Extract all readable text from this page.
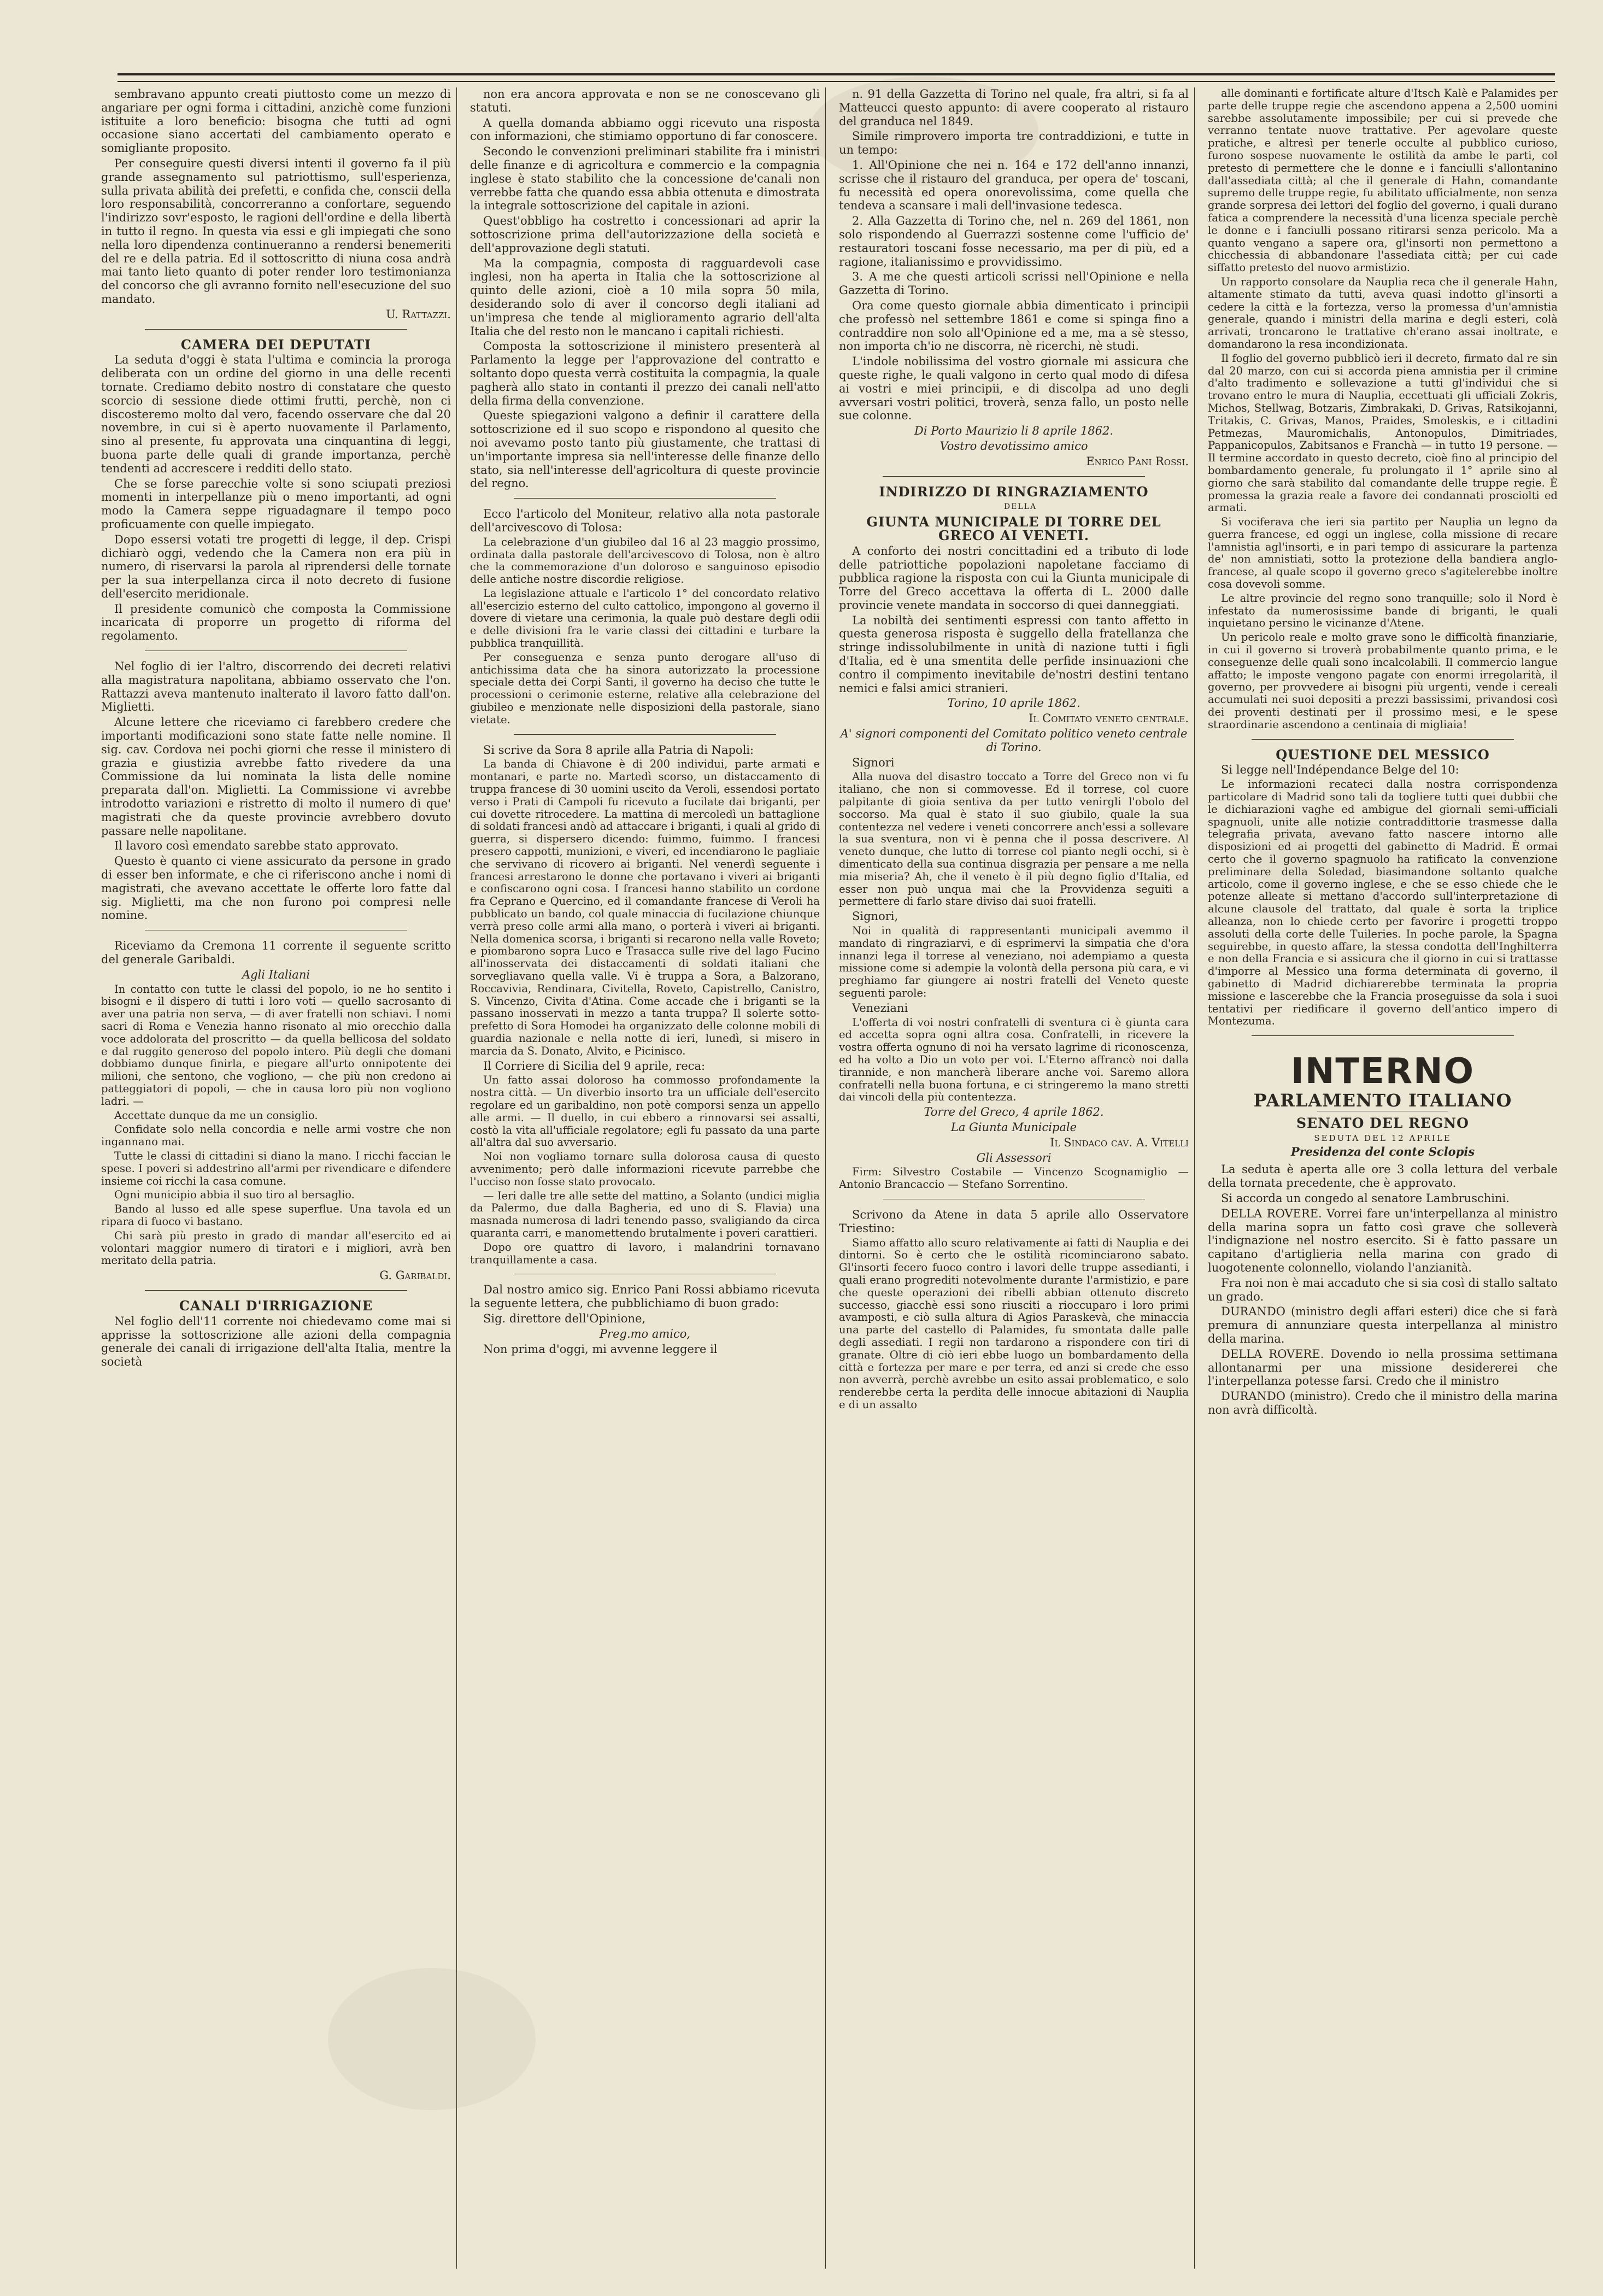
sembravano appunto creati piuttosto come un mezzo di angariare per ogni forma i cittadini, anzichè come funzioni istituite a loro beneficio: bisogna che tutti ad ogni occasione siano accertati del cambiamento operato e somigliante proposito.

Per conseguire questi diversi intenti il governo fa il più grande assegnamento sul patriottismo, sull'esperienza, sulla privata abilità dei prefetti, e confida che, conscii della loro responsabilità, concorreranno a confortare, seguendo l'indirizzo sovr'esposto, le ragioni dell'ordine e della libertà in tutto il regno. In questa via essi e gli impiegati che sono nella loro dipendenza continueranno a rendersi benemeriti del re e della patria. Ed il sottoscritto di niuna cosa andrà mai tanto lieto quanto di poter render loro testimonianza del concorso che gli avranno fornito nell'esecuzione del suo mandato.

U. Rattazzi.

CAMERA DEI DEPUTATI

La seduta d'oggi è stata l'ultima e comincia la proroga deliberata con un ordine del giorno in una delle recenti tornate. Crediamo debito nostro di constatare che questo scorcio di sessione diede ottimi frutti, perchè, non ci discosteremo molto dal vero, facendo osservare che dal 20 novembre, in cui si è aperto nuovamente il Parlamento, sino al presente, fu approvata una cinquantina di leggi, buona parte delle quali di grande importanza, perchè tendenti ad accrescere i redditi dello stato.

Che se forse parecchie volte si sono sciupati preziosi momenti in interpellanze più o meno importanti, ad ogni modo la Camera seppe riguadagnare il tempo poco proficuamente con quelle impiegato.

Dopo essersi votati tre progetti di legge, il dep. Crispi dichiarò oggi, vedendo che la Camera non era più in numero, di riservarsi la parola al riprendersi delle tornate per la sua interpellanza circa il noto decreto di fusione dell'esercito meridionale.

Il presidente comunicò che composta la Commissione incaricata di proporre un progetto di riforma del regolamento.

Nel foglio di ier l'altro, discorrendo dei decreti relativi alla magistratura napolitana, abbiamo osservato che l'on. Rattazzi aveva mantenuto inalterato il lavoro fatto dall'on. Miglietti.

Alcune lettere che riceviamo ci farebbero credere che importanti modificazioni sono state fatte nelle nomine. Il sig. cav. Cordova nei pochi giorni che resse il ministero di grazia e giustizia avrebbe fatto rivedere da una Commissione da lui nominata la lista delle nomine preparata dall'on. Miglietti. La Commissione vi avrebbe introdotto variazioni e ristretto di molto il numero di que' magistrati che da queste provincie avrebbero dovuto passare nelle napolitane.

Il lavoro così emendato sarebbe stato approvato.

Questo è quanto ci viene assicurato da persone in grado di esser ben informate, e che ci riferiscono anche i nomi di magistrati, che avevano accettate le offerte loro fatte dal sig. Miglietti, ma che non furono poi compresi nelle nomine.

Riceviamo da Cremona 11 corrente il seguente scritto del generale Garibaldi.

Agli Italiani

In contatto con tutte le classi del popolo, io ne ho sentito i bisogni e il dispero di tutti i loro voti — quello sacrosanto di aver una patria non serva, — di aver fratelli non schiavi. I nomi sacri di Roma e Venezia hanno risonato al mio orecchio dalla voce addolorata del proscritto — da quella bellicosa del soldato e dal ruggito generoso del popolo intero. Più degli che domani dobbiamo dunque finirla, e piegare all'urto onnipotente dei milioni, che sentono, che vogliono, — che più non credono ai patteggiatori di popoli, — che in causa loro più non vogliono ladri. —

Accettate dunque da me un consiglio.

Confidate solo nella concordia e nelle armi vostre che non ingannano mai.

Tutte le classi di cittadini si diano la mano. I ricchi faccian le spese. I poveri si addestrino all'armi per rivendicare e difendere insieme coi ricchi la casa comune.

Ogni municipio abbia il suo tiro al bersaglio.

Bando al lusso ed alle spese superflue. Una tavola ed un ripara di fuoco vi bastano.

Chi sarà più presto in grado di mandar all'esercito ed ai volontari maggior numero di tiratori e i migliori, avrà ben meritato della patria.

G. Garibaldi.

CANALI D'IRRIGAZIONE

Nel foglio dell'11 corrente noi chiedevamo come mai si apprisse la sottoscrizione alle azioni della compagnia generale dei canali di irrigazione dell'alta Italia, mentre la società

non era ancora approvata e non se ne conoscevano gli statuti.

A quella domanda abbiamo oggi ricevuto una risposta con informazioni, che stimiamo opportuno di far conoscere.

Secondo le convenzioni preliminari stabilite fra i ministri delle finanze e di agricoltura e commercio e la compagnia inglese è stato stabilito che la concessione de'canali non verrebbe fatta che quando essa abbia ottenuta e dimostrata la integrale sottoscrizione del capitale in azioni.

Quest'obbligo ha costretto i concessionari ad aprir la sottoscrizione prima dell'autorizzazione della società e dell'approvazione degli statuti.

Ma la compagnia, composta di ragguardevoli case inglesi, non ha aperta in Italia che la sottoscrizione al quinto delle azioni, cioè a 10 mila sopra 50 mila, desiderando solo di aver il concorso degli italiani ad un'impresa che tende al miglioramento agrario dell'alta Italia che del resto non le mancano i capitali richiesti.

Composta la sottoscrizione il ministero presenterà al Parlamento la legge per l'approvazione del contratto e soltanto dopo questa verrà costituita la compagnia, la quale pagherà allo stato in contanti il prezzo dei canali nell'atto della firma della convenzione.

Queste spiegazioni valgono a definir il carattere della sottoscrizione ed il suo scopo e rispondono al quesito che noi avevamo posto tanto più giustamente, che trattasi di un'importante impresa sia nell'interesse delle finanze dello stato, sia nell'interesse dell'agricoltura di queste provincie del regno.

Ecco l'articolo del Moniteur, relativo alla nota pastorale dell'arcivescovo di Tolosa:

La celebrazione d'un giubileo dal 16 al 23 maggio prossimo, ordinata dalla pastorale dell'arcivescovo di Tolosa, non è altro che la commemorazione d'un doloroso e sanguinoso episodio delle antiche nostre discordie religiose.

La legislazione attuale e l'articolo 1° del concordato relativo all'esercizio esterno del culto cattolico, impongono al governo il dovere di vietare una cerimonia, la quale può destare degli odii e delle divisioni fra le varie classi dei cittadini e turbare la pubblica tranquillità.

Per conseguenza e senza punto derogare all'uso di antichissima data che ha sinora autorizzato la processione speciale detta dei Corpi Santi, il governo ha deciso che tutte le processioni o cerimonie esterne, relative alla celebrazione del giubileo e menzionate nelle disposizioni della pastorale, siano vietate.

Si scrive da Sora 8 aprile alla Patria di Napoli:

La banda di Chiavone è di 200 individui, parte armati e montanari, e parte no. Martedì scorso, un distaccamento di truppa francese di 30 uomini uscito da Veroli, essendosi portato verso i Prati di Campoli fu ricevuto a fucilate dai briganti, per cui dovette ritrocedere. La mattina di mercoledì un battaglione di soldati francesi andò ad attaccare i briganti, i quali al grido di guerra, si dispersero dicendo: fuimmo, fuimmo. I francesi presero cappotti, munizioni, e viveri, ed incendiarono le pagliaie che servivano di ricovero ai briganti. Nel venerdì seguente i francesi arrestarono le donne che portavano i viveri ai briganti e confiscarono ogni cosa. I francesi hanno stabilito un cordone fra Ceprano e Quercino, ed il comandante francese di Veroli ha pubblicato un bando, col quale minaccia di fucilazione chiunque verrà preso colle armi alla mano, o porterà i viveri ai briganti. Nella domenica scorsa, i briganti si recarono nella valle Roveto; e piombarono sopra Luco e Trasacca sulle rive del lago Fucino all'inosservata dei distaccamenti di soldati italiani che sorvegliavano quella valle. Vi è truppa a Sora, a Balzorano, Roccavivia, Rendinara, Civitella, Roveto, Capistrello, Canistro, S. Vincenzo, Civita d'Atina. Come accade che i briganti se la passano inosservati in mezzo a tanta truppa? Il solerte sotto-prefetto di Sora Homodei ha organizzato delle colonne mobili di guardia nazionale e nella notte di ieri, lunedì, si misero in marcia da S. Donato, Alvito, e Picinisco.

Il Corriere di Sicilia del 9 aprile, reca:

Un fatto assai doloroso ha commosso profondamente la nostra città. — Un diverbio insorto tra un ufficiale dell'esercito regolare ed un garibaldino, non potè comporsi senza un appello alle armi. — Il duello, in cui ebbero a rinnovarsi sei assalti, costò la vita all'ufficiale regolatore; egli fu passato da una parte all'altra dal suo avversario.

Noi non vogliamo tornare sulla dolorosa causa di questo avvenimento; però dalle informazioni ricevute parrebbe che l'ucciso non fosse stato provocato.

— Ieri dalle tre alle sette del mattino, a Solanto (undici miglia da Palermo, due dalla Bagheria, ed uno di S. Flavia) una masnada numerosa di ladri tenendo passo, svaligiando da circa quaranta carri, e manomettendo brutalmente i poveri carattieri.

Dopo ore quattro di lavoro, i malandrini tornavano tranquillamente a casa.

Dal nostro amico sig. Enrico Pani Rossi abbiamo ricevuta la seguente lettera, che pubblichiamo di buon grado:

Sig. direttore dell'Opinione,

Preg.mo amico,

Non prima d'oggi, mi avvenne leggere il

n. 91 della Gazzetta di Torino nel quale, fra altri, si fa al Matteucci questo appunto: di avere cooperato al ristauro del granduca nel 1849.

Simile rimprovero importa tre contraddizioni, e tutte in un tempo:

1. All'Opinione che nei n. 164 e 172 dell'anno innanzi, scrisse che il ristauro del granduca, per opera de' toscani, fu necessità ed opera onorevolissima, come quella che tendeva a scansare i mali dell'invasione tedesca.

2. Alla Gazzetta di Torino che, nel n. 269 del 1861, non solo rispondendo al Guerrazzi sostenne come l'ufficio de' restauratori toscani fosse necessario, ma per di più, ed a ragione, italianissimo e provvidissimo.

3. A me che questi articoli scrissi nell'Opinione e nella Gazzetta di Torino.

Ora come questo giornale abbia dimenticato i principii che professò nel settembre 1861 e come si spinga fino a contraddire non solo all'Opinione ed a me, ma a sè stesso, non importa ch'io ne discorra, nè ricerchi, nè studi.

L'indole nobilissima del vostro giornale mi assicura che queste righe, le quali valgono in certo qual modo di difesa ai vostri e miei principii, e di discolpa ad uno degli avversari vostri politici, troverà, senza fallo, un posto nelle sue colonne.

Di Porto Maurizio li 8 aprile 1862.

Vostro devotissimo amico

Enrico Pani Rossi.

INDIRIZZO DI RINGRAZIAMENTO

DELLA

GIUNTA MUNICIPALE DI TORRE DEL GRECO AI VENETI.

A conforto dei nostri concittadini ed a tributo di lode delle patriottiche popolazioni napoletane facciamo di pubblica ragione la risposta con cui la Giunta municipale di Torre del Greco accettava la offerta di L. 2000 dalle provincie venete mandata in soccorso di quei danneggiati.

La nobiltà dei sentimenti espressi con tanto affetto in questa generosa risposta è suggello della fratellanza che stringe indissolubilmente in unità di nazione tutti i figli d'Italia, ed è una smentita delle perfide insinuazioni che contro il compimento inevitabile de'nostri destini tentano nemici e falsi amici stranieri.

Torino, 10 aprile 1862.

Il Comitato veneto centrale.

A' signori componenti del Comitato politico veneto centrale di Torino.

Signori

Alla nuova del disastro toccato a Torre del Greco non vi fu italiano, che non si commovesse. Ed il torrese, col cuore palpitante di gioia sentiva da per tutto venirgli l'obolo del soccorso. Ma qual è stato il suo giubilo, quale la sua contentezza nel vedere i veneti concorrere anch'essi a sollevare la sua sventura, non vi è penna che il possa descrivere. Al veneto dunque, che lutto di torrese col pianto negli occhi, si è dimenticato della sua continua disgrazia per pensare a me nella mia miseria? Ah, che il veneto è il più degno figlio d'Italia, ed esser non può unqua mai che la Provvidenza seguiti a permettere di farlo stare diviso dai suoi fratelli.

Signori,

Noi in qualità di rappresentanti municipali avemmo il mandato di ringraziarvi, e di esprimervi la simpatia che d'ora innanzi lega il torrese al veneziano, noi adempiamo a questa missione come si adempie la volontà della persona più cara, e vi preghiamo far giungere ai nostri fratelli del Veneto queste seguenti parole:

Veneziani

L'offerta di voi nostri confratelli di sventura ci è giunta cara ed accetta sopra ogni altra cosa. Confratelli, in ricevere la vostra offerta ognuno di noi ha versato lagrime di riconoscenza, ed ha volto a Dio un voto per voi. L'Eterno affrancò noi dalla tirannide, e non mancherà liberare anche voi. Saremo allora confratelli nella buona fortuna, e ci stringeremo la mano stretti dai vincoli della più contentezza.

Torre del Greco, 4 aprile 1862.

La Giunta Municipale

Il Sindaco cav. A. Vitelli

Gli Assessori

Firm: Silvestro Costabile — Vincenzo Scognamiglio — Antonio Brancaccio — Stefano Sorrentino.

Scrivono da Atene in data 5 aprile allo Osservatore Triestino:

Siamo affatto allo scuro relativamente ai fatti di Nauplia e dei dintorni. So è certo che le ostilità ricominciarono sabato. Gl'insorti fecero fuoco contro i lavori delle truppe assedianti, i quali erano progrediti notevolmente durante l'armistizio, e pare che queste operazioni dei ribelli abbian ottenuto discreto successo, giacchè essi sono riusciti a rioccuparo i loro primi avamposti, e ciò sulla altura di Agios Paraskevà, che minaccia una parte del castello di Palamides, fu smontata dalle palle degli assediati. I regii non tardarono a rispondere con tiri di granate. Oltre di ciò ieri ebbe luogo un bombardamento della città e fortezza per mare e per terra, ed anzi si crede che esso non avverrà, perchè avrebbe un esito assai problematico, e solo renderebbe certa la perdita delle innocue abitazioni di Nauplia e di un assalto

alle dominanti e fortificate alture d'Itsch Kalè e Palamides per parte delle truppe regie che ascendono appena a 2,500 uomini sarebbe assolutamente impossibile; per cui si prevede che verranno tentate nuove trattative. Per agevolare queste pratiche, e altresì per tenerle occulte al pubblico curioso, furono sospese nuovamente le ostilità da ambe le parti, col pretesto di permettere che le donne e i fanciulli s'allontanino dall'assediata città; al che il generale di Hahn, comandante supremo delle truppe regie, fu abilitato ufficialmente, non senza grande sorpresa dei lettori del foglio del governo, i quali durano fatica a comprendere la necessità d'una licenza speciale perchè le donne e i fanciulli possano ritirarsi senza pericolo. Ma a quanto vengano a sapere ora, gl'insorti non permettono a chicchessia di abbandonare l'assediata città; per cui cade siffatto pretesto del nuovo armistizio.

Un rapporto consolare da Nauplia reca che il generale Hahn, altamente stimato da tutti, aveva quasi indotto gl'insorti a cedere la città e la fortezza, verso la promessa d'un'amnistia generale, quando i ministri della marina e degli esteri, colà arrivati, troncarono le trattative ch'erano assai inoltrate, e domandarono la resa incondizionata.

Il foglio del governo pubblicò ieri il decreto, firmato dal re sin dal 20 marzo, con cui si accorda piena amnistia per il crimine d'alto tradimento e sollevazione a tutti gl'individui che si trovano entro le mura di Nauplia, eccettuati gli ufficiali Zokris, Michos, Stellwag, Botzaris, Zimbrakaki, D. Grivas, Ratsikojanni, Tritakis, C. Grivas, Manos, Praides, Smoleskis, e i cittadini Petmezas, Mauromichalis, Antonopulos, Dimitriades, Pappanicopulos, Zabitsanos e Franchà — in tutto 19 persone. — Il termine accordato in questo decreto, cioè fino al principio del bombardamento generale, fu prolungato il 1° aprile sino al giorno che sarà stabilito dal comandante delle truppe regie. È promessa la grazia reale a favore dei condannati prosciolti ed armati.

Si vociferava che ieri sia partito per Nauplia un legno da guerra francese, ed oggi un inglese, colla missione di recare l'amnistia agl'insorti, e in pari tempo di assicurare la partenza de' non amnistiati, sotto la protezione della bandiera anglo-francese, al quale scopo il governo greco s'agitelerebbe inoltre cosa dovevoli somme.

Le altre provincie del regno sono tranquille; solo il Nord è infestato da numerosissime bande di briganti, le quali inquietano persino le vicinanze d'Atene.

Un pericolo reale e molto grave sono le difficoltà finanziarie, in cui il governo si troverà probabilmente quanto prima, e le conseguenze delle quali sono incalcolabili. Il commercio langue affatto; le imposte vengono pagate con enormi irregolarità, il governo, per provvedere ai bisogni più urgenti, vende i cereali accumulati nei suoi depositi a prezzi bassissimi, privandosi così dei proventi destinati per il prossimo mesi, e le spese straordinarie ascendono a centinaia di migliaia!

QUESTIONE DEL MESSICO

Si legge nell'Indépendance Belge del 10:

Le informazioni recateci dalla nostra corrispondenza particolare di Madrid sono tali da togliere tutti quei dubbii che le dichiarazioni vaghe ed ambigue del giornali semi-ufficiali spagnuoli, unite alle notizie contraddittorie trasmesse dalla telegrafia privata, avevano fatto nascere intorno alle disposizioni ed ai progetti del gabinetto di Madrid. È ormai certo che il governo spagnuolo ha ratificato la convenzione preliminare della Soledad, biasimandone soltanto qualche articolo, come il governo inglese, e che se esso chiede che le potenze alleate si mettano d'accordo sull'interpretazione di alcune clausole del trattato, dal quale è sorta la triplice alleanza, non lo chiede certo per favorire i progetti troppo assoluti della corte delle Tuileries. In poche parole, la Spagna seguirebbe, in questo affare, la stessa condotta dell'Inghilterra e non della Francia e si assicura che il giorno in cui si trattasse d'imporre al Messico una forma determinata di governo, il gabinetto di Madrid dichiarerebbe terminata la propria missione e lascerebbe che la Francia proseguisse da sola i suoi tentativi per riedificare il governo dell'antico impero di Montezuma.

INTERNO
PARLAMENTO ITALIANO
SENATO DEL REGNO
SEDUTA DEL 12 APRILE
Presidenza del conte Sclopis

La seduta è aperta alle ore 3 colla lettura del verbale della tornata precedente, che è approvato.

Si accorda un congedo al senatore Lambruschini.

DELLA ROVERE. Vorrei fare un'interpellanza al ministro della marina sopra un fatto così grave che solleverà l'indignazione nel nostro esercito. Si è fatto passare un capitano d'artiglieria nella marina con grado di luogotenente colonnello, violando l'anzianità.

Fra noi non è mai accaduto che si sia così di stallo saltato un grado.

DURANDO (ministro degli affari esteri) dice che si farà premura di annunziare questa interpellanza al ministro della marina.

DELLA ROVERE. Dovendo io nella prossima settimana allontanarmi per una missione desidererei che l'interpellanza potesse farsi. Credo che il ministro

DURANDO (ministro). Credo che il ministro della marina non avrà difficoltà.
